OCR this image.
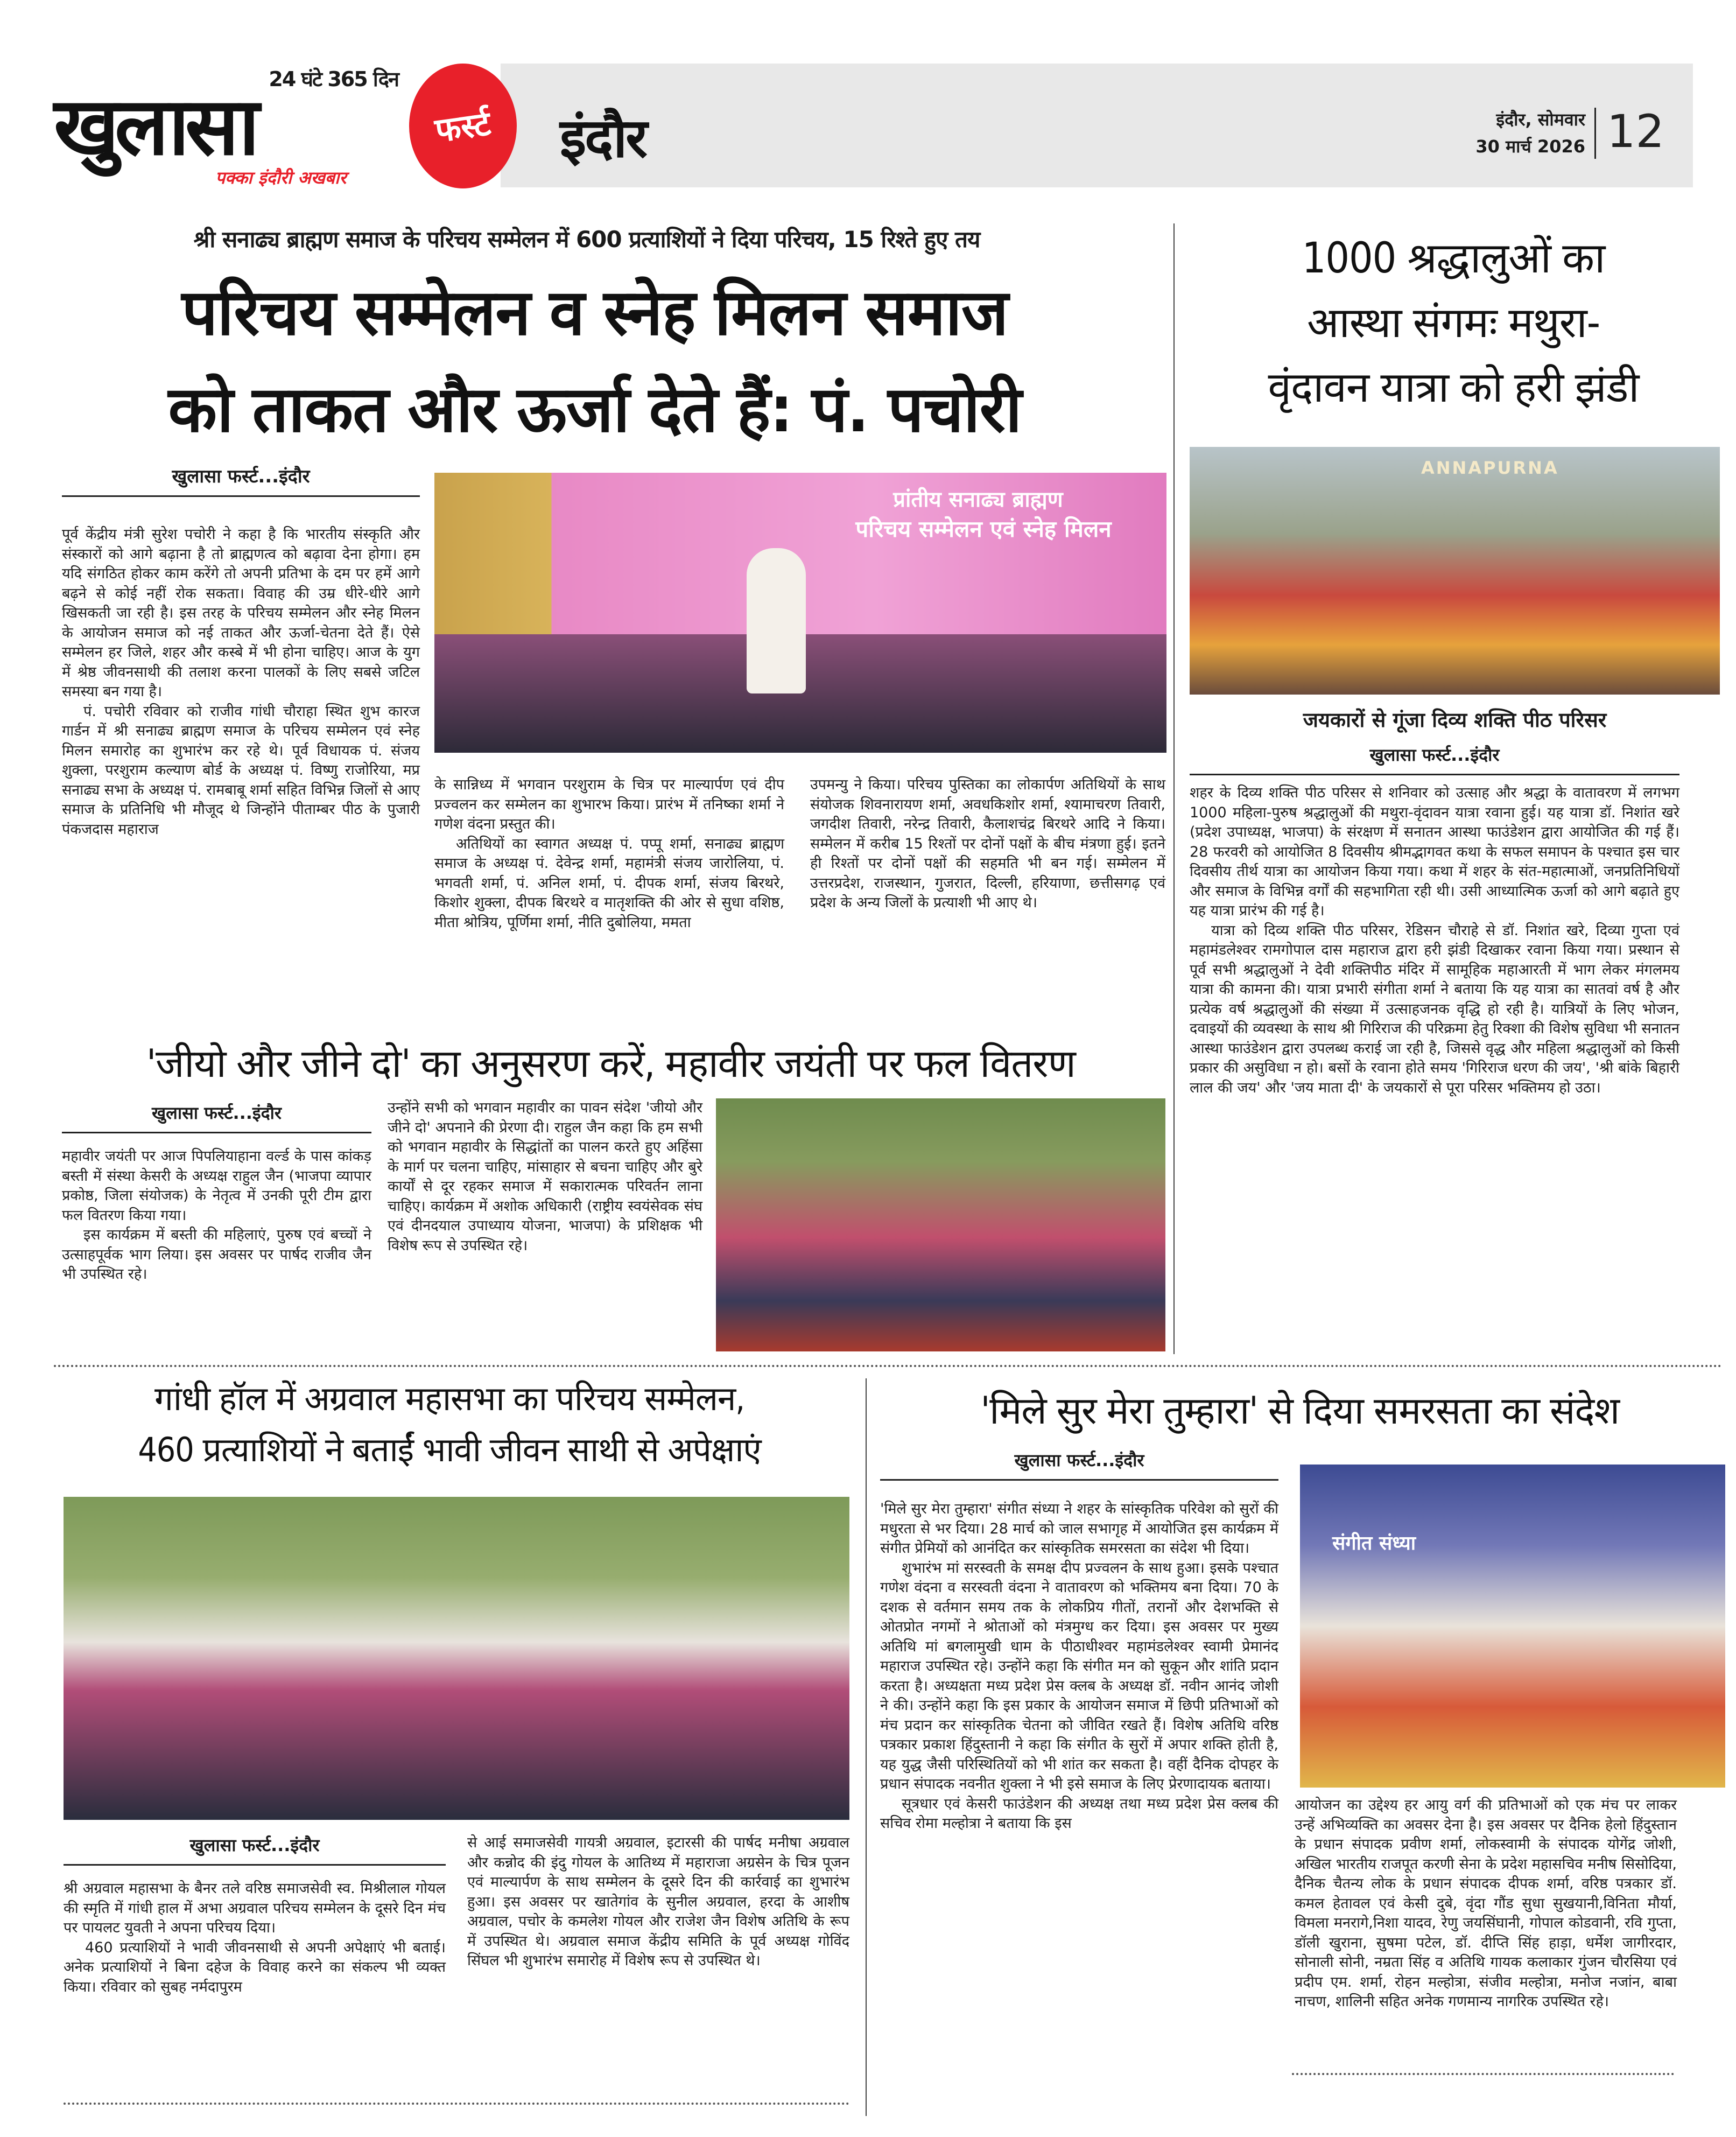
24 घंटे 365 दिन
खुलासा	फर्स्ट
पक्का इंदौरी अखबार
इंदौर	इंदौर, सोमवार
30 मार्च 2026 12
श्री सनाढ्य ब्राह्मण समाज के परिचय सम्मेलन में 600 प्रत्याशियों ने दिया परिचय, 15 रिश्ते हुए तय
परिचय सम्मेलन व स्नेह मिलन समाज
को ताकत और ऊर्जा देते हैं: पं. पचोरी
खुलासा फर्स्ट...इंदौर
प्रांतीय सनाढ्य ब्राह्मण
परिचय सम्मेलन एवं स्नेह मिलन

पूर्व केंद्रीय मंत्री सुरेश पचोरी ने कहा है कि भारतीय संस्कृति और संस्कारों को आगे बढ़ाना है तो ब्राह्मणत्व को बढ़ावा देना होगा। हम यदि संगठित होकर काम करेंगे तो अपनी प्रतिभा के दम पर हमें आगे बढ़ने से कोई नहीं रोक सकता। विवाह की उम्र धीरे-धीरे आगे खिसकती जा रही है। इस तरह के परिचय सम्मेलन और स्नेह मिलन के आयोजन समाज को नई ताकत और ऊर्जा-चेतना देते हैं। ऐसे सम्मेलन हर जिले, शहर और कस्बे में भी होना चाहिए। आज के युग में श्रेष्ठ जीवनसाथी की तलाश करना पालकों के लिए सबसे जटिल समस्या बन गया है।

पं. पचोरी रविवार को राजीव गांधी चौराहा स्थित शुभ कारज गार्डन में श्री सनाढ्य ब्राह्मण समाज के परिचय सम्मेलन एवं स्नेह मिलन समारोह का शुभारंभ कर रहे थे। पूर्व विधायक पं. संजय शुक्ला, परशुराम कल्याण बोर्ड के अध्यक्ष पं. विष्णु राजोरिया, मप्र सनाढ्य सभा के अध्यक्ष पं. रामबाबू शर्मा सहित विभिन्न जिलों से आए समाज के प्रतिनिधि भी मौजूद थे जिन्होंने पीताम्बर पीठ के पुजारी पंकजदास महाराज

के सान्निध्य में भगवान परशुराम के चित्र पर माल्यार्पण एवं दीप प्रज्वलन कर सम्मेलन का शुभारभ किया। प्रारंभ में तनिष्का शर्मा ने गणेश वंदना प्रस्तुत की।

अतिथियों का स्वागत अध्यक्ष पं. पप्पू शर्मा, सनाढ्य ब्राह्मण समाज के अध्यक्ष पं. देवेन्द्र शर्मा, महामंत्री संजय जारोलिया, पं. भगवती शर्मा, पं. अनिल शर्मा, पं. दीपक शर्मा, संजय बिरथरे, किशोर शुक्ला, दीपक बिरथरे व मातृशक्ति की ओर से सुधा वशिष्ठ, मीता श्रोत्रिय, पूर्णिमा शर्मा, नीति दुबोलिया, ममता

उपमन्यु ने किया। परिचय पुस्तिका का लोकार्पण अतिथियों के साथ संयोजक शिवनारायण शर्मा, अवधकिशोर शर्मा, श्यामाचरण तिवारी, जगदीश तिवारी, नरेन्द्र तिवारी, कैलाशचंद्र बिरथरे आदि ने किया। सम्मेलन में करीब 15 रिश्तों पर दोनों पक्षों के बीच मंत्रणा हुई। इतने ही रिश्तों पर दोनों पक्षों की सहमति भी बन गई। सम्मेलन में उत्तरप्रदेश, राजस्थान, गुजरात, दिल्ली, हरियाणा, छत्तीसगढ़ एवं प्रदेश के अन्य जिलों के प्रत्याशी भी आए थे।

1000 श्रद्धालुओं का
आस्था संगमः मथुरा-
वृंदावन यात्रा को हरी झंडी
ANNAPURNA
जयकारों से गूंजा दिव्य शक्ति पीठ परिसर
खुलासा फर्स्ट...इंदौर

शहर के दिव्य शक्ति पीठ परिसर से शनिवार को उत्साह और श्रद्धा के वातावरण में लगभग 1000 महिला-पुरुष श्रद्धालुओं की मथुरा-वृंदावन यात्रा रवाना हुई। यह यात्रा डॉ. निशांत खरे (प्रदेश उपाध्यक्ष, भाजपा) के संरक्षण में सनातन आस्था फाउंडेशन द्वारा आयोजित की गई हैं। 28 फरवरी को आयोजित 8 दिवसीय श्रीमद्भागवत कथा के सफल समापन के पश्चात इस चार दिवसीय तीर्थ यात्रा का आयोजन किया गया। कथा में शहर के संत-महात्माओं, जनप्रतिनिधियों और समाज के विभिन्न वर्गों की सहभागिता रही थी। उसी आध्यात्मिक ऊर्जा को आगे बढ़ाते हुए यह यात्रा प्रारंभ की गई है।

यात्रा को दिव्य शक्ति पीठ परिसर, रेडिसन चौराहे से डॉ. निशांत खरे, दिव्या गुप्ता एवं महामंडलेश्वर रामगोपाल दास महाराज द्वारा हरी झंडी दिखाकर रवाना किया गया। प्रस्थान से पूर्व सभी श्रद्धालुओं ने देवी शक्तिपीठ मंदिर में सामूहिक महाआरती में भाग लेकर मंगलमय यात्रा की कामना की। यात्रा प्रभारी संगीता शर्मा ने बताया कि यह यात्रा का सातवां वर्ष है और प्रत्येक वर्ष श्रद्धालुओं की संख्या में उत्साहजनक वृद्धि हो रही है। यात्रियों के लिए भोजन, दवाइयों की व्यवस्था के साथ श्री गिरिराज की परिक्रमा हेतु रिक्शा की विशेष सुविधा भी सनातन आस्था फाउंडेशन द्वारा उपलब्ध कराई जा रही है, जिससे वृद्ध और महिला श्रद्धालुओं को किसी प्रकार की असुविधा न हो। बसों के रवाना होते समय 'गिरिराज धरण की जय', 'श्री बांके बिहारी लाल की जय' और 'जय माता दी' के जयकारों से पूरा परिसर भक्तिमय हो उठा।

'जीयो और जीने दो' का अनुसरण करें, महावीर जयंती पर फल वितरण
खुलासा फर्स्ट...इंदौर

महावीर जयंती पर आज पिपलियाहाना वर्ल्ड के पास कांकड़ बस्ती में संस्था केसरी के अध्यक्ष राहुल जैन (भाजपा व्यापार प्रकोष्ठ, जिला संयोजक) के नेतृत्व में उनकी पूरी टीम द्वारा फल वितरण किया गया।

इस कार्यक्रम में बस्ती की महिलाएं, पुरुष एवं बच्चों ने उत्साहपूर्वक भाग लिया। इस अवसर पर पार्षद राजीव जैन भी उपस्थित रहे।

उन्होंने सभी को भगवान महावीर का पावन संदेश 'जीयो और जीने दो' अपनाने की प्रेरणा दी। राहुल जैन कहा कि हम सभी को भगवान महावीर के सिद्धांतों का पालन करते हुए अहिंसा के मार्ग पर चलना चाहिए, मांसाहार से बचना चाहिए और बुरे कार्यों से दूर रहकर समाज में सकारात्मक परिवर्तन लाना चाहिए। कार्यक्रम में अशोक अधिकारी (राष्ट्रीय स्वयंसेवक संघ एवं दीनदयाल उपाध्याय योजना, भाजपा) के प्रशिक्षक भी विशेष रूप से उपस्थित रहे।

गांधी हॉल में अग्रवाल महासभा का परिचय सम्मेलन,
460 प्रत्याशियों ने बताईं भावी जीवन साथी से अपेक्षाएं
खुलासा फर्स्ट...इंदौर

श्री अग्रवाल महासभा के बैनर तले वरिष्ठ समाजसेवी स्व. मिश्रीलाल गोयल की स्मृति में गांधी हाल में अभा अग्रवाल परिचय सम्मेलन के दूसरे दिन मंच पर पायलट युवती ने अपना परिचय दिया।

460 प्रत्याशियों ने भावी जीवनसाथी से अपनी अपेक्षाएं भी बताई। अनेक प्रत्याशियों ने बिना दहेज के विवाह करने का संकल्प भी व्यक्त किया। रविवार को सुबह नर्मदापुरम

से आई समाजसेवी गायत्री अग्रवाल, इटारसी की पार्षद मनीषा अग्रवाल और कन्नोद की इंदु गोयल के आतिथ्य में महाराजा अग्रसेन के चित्र पूजन एवं माल्यार्पण के साथ सम्मेलन के दूसरे दिन की कार्रवाई का शुभारंभ हुआ। इस अवसर पर खातेगांव के सुनील अग्रवाल, हरदा के आशीष अग्रवाल, पचोर के कमलेश गोयल और राजेश जैन विशेष अतिथि के रूप में उपस्थित थे। अग्रवाल समाज केंद्रीय समिति के पूर्व अध्यक्ष गोविंद सिंघल भी शुभारंभ समारोह में विशेष रूप से उपस्थित थे।

'मिले सुर मेरा तुम्हारा' से दिया समरसता का संदेश
खुलासा फर्स्ट...इंदौर

'मिले सुर मेरा तुम्हारा' संगीत संध्या ने शहर के सांस्कृतिक परिवेश को सुरों की मधुरता से भर दिया। 28 मार्च को जाल सभागृह में आयोजित इस कार्यक्रम में संगीत प्रेमियों को आनंदित कर सांस्कृतिक समरसता का संदेश भी दिया।

शुभारंभ मां सरस्वती के समक्ष दीप प्रज्वलन के साथ हुआ। इसके पश्चात गणेश वंदना व सरस्वती वंदना ने वातावरण को भक्तिमय बना दिया। 70 के दशक से वर्तमान समय तक के लोकप्रिय गीतों, तरानों और देशभक्ति से ओतप्रोत नगमों ने श्रोताओं को मंत्रमुग्ध कर दिया। इस अवसर पर मुख्य अतिथि मां बगलामुखी धाम के पीठाधीश्वर महामंडलेश्वर स्वामी प्रेमानंद महाराज उपस्थित रहे। उन्होंने कहा कि संगीत मन को सुकून और शांति प्रदान करता है। अध्यक्षता मध्य प्रदेश प्रेस क्लब के अध्यक्ष डॉ. नवीन आनंद जोशी ने की। उन्होंने कहा कि इस प्रकार के आयोजन समाज में छिपी प्रतिभाओं को मंच प्रदान कर सांस्कृतिक चेतना को जीवित रखते हैं। विशेष अतिथि वरिष्ठ पत्रकार प्रकाश हिंदुस्तानी ने कहा कि संगीत के सुरों में अपार शक्ति होती है, यह युद्ध जैसी परिस्थितियों को भी शांत कर सकता है। वहीं दैनिक दोपहर के प्रधान संपादक नवनीत शुक्ला ने भी इसे समाज के लिए प्रेरणादायक बताया।

सूत्रधार एवं केसरी फाउंडेशन की अध्यक्ष तथा मध्य प्रदेश प्रेस क्लब की सचिव रोमा मल्होत्रा ने बताया कि इस

संगीत संध्या

आयोजन का उद्देश्य हर आयु वर्ग की प्रतिभाओं को एक मंच पर लाकर उन्हें अभिव्यक्ति का अवसर देना है। इस अवसर पर दैनिक हेलो हिंदुस्तान के प्रधान संपादक प्रवीण शर्मा, लोकस्वामी के संपादक योगेंद्र जोशी, अखिल भारतीय राजपूत करणी सेना के प्रदेश महासचिव मनीष सिसोदिया, दैनिक चैतन्य लोक के प्रधान संपादक दीपक शर्मा, वरिष्ठ पत्रकार डॉ. कमल हेतावल एवं केसी दुबे, वृंदा गौंड सुधा सुखयानी,विनिता मौर्या, विमला मनरागे,निशा यादव, रेणु जयसिंघानी, गोपाल कोडवानी, रवि गुप्ता, डॉली खुराना, सुषमा पटेल, डॉ. दीप्ति सिंह हाड़ा, धर्मेश जागीरदार, सोनाली सोनी, नम्रता सिंह व अतिथि गायक कलाकार गुंजन चौरसिया एवं प्रदीप एम. शर्मा, रोहन मल्होत्रा, संजीव मल्होत्रा, मनोज नजांन, बाबा नाचण, शालिनी सहित अनेक गणमान्य नागरिक उपस्थित रहे।
